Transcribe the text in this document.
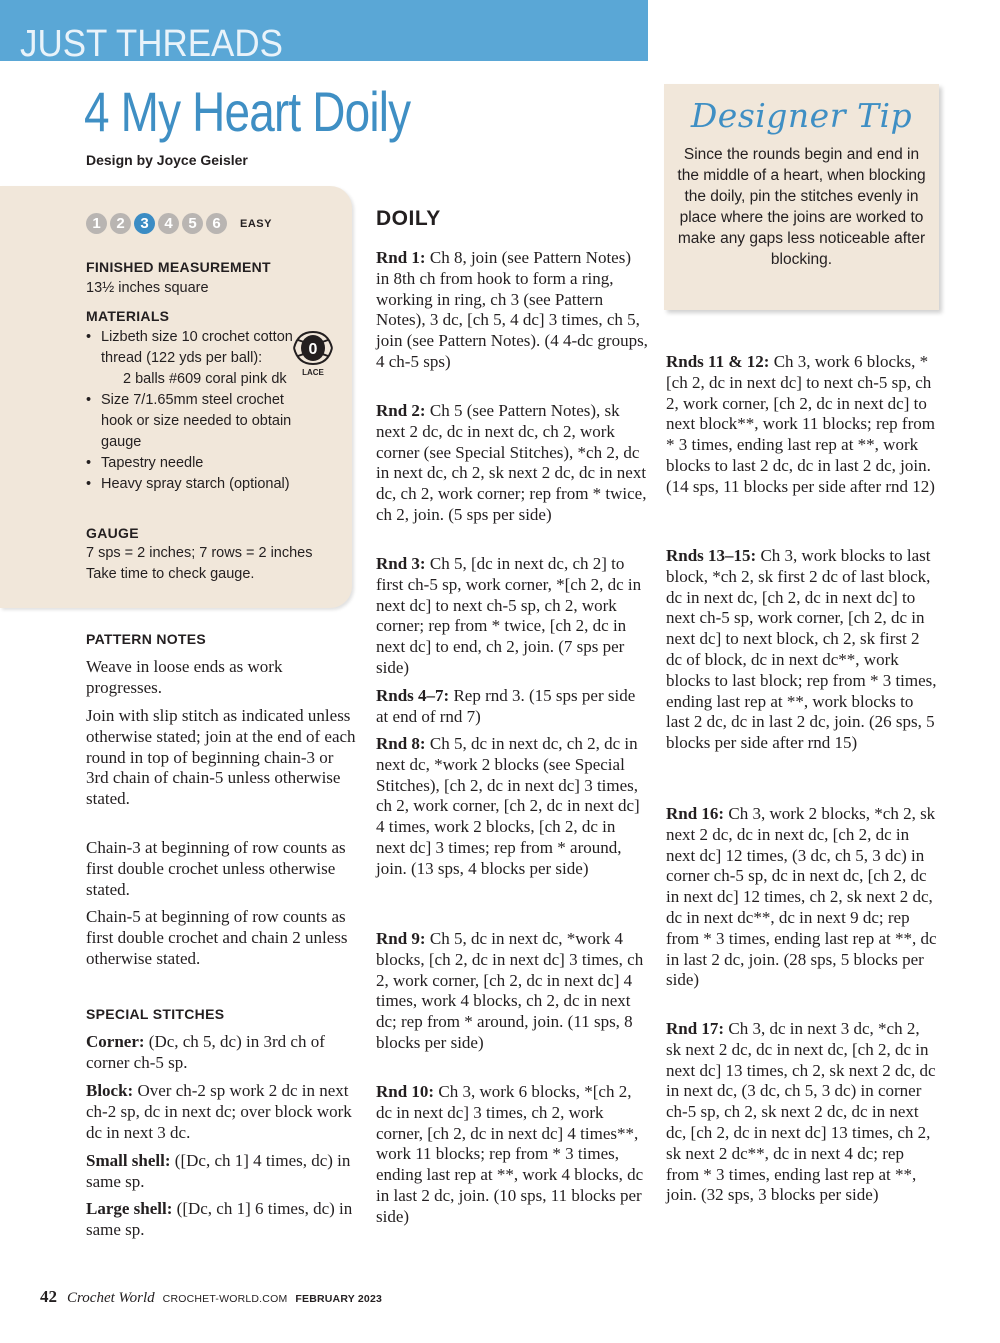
JUST THREADS
4 My Heart Doily
Design by Joyce Geisler
1	2	3	4	5	6	EASY
FINISHED MEASUREMENT
13½ inches square
MATERIALS
• Lizbeth size 10 crochet cotton thread (122 yds per ball):
2 balls #609 coral pink dk
• Size 7/1.65mm steel crochet hook or size needed to obtain gauge
• Tapestry needle
• Heavy spray starch (optional)
0
LACE
GAUGE
7 sps = 2 inches; 7 rows = 2 inches
Take time to check gauge.
Designer Tip
Since the rounds begin and end in the middle of a heart, when blocking the doily, pin the stitches evenly in place where the joins are worked to make any gaps less noticeable after blocking.
PATTERN NOTES
Weave in loose ends as work progresses.
Join with slip stitch as indicated unless otherwise stated; join at the end of each round in top of beginning chain-3 or 3rd chain of chain-5 unless otherwise stated.
Chain-3 at beginning of row counts as first double crochet unless otherwise stated.
Chain-5 at beginning of row counts as first double crochet and chain 2 unless otherwise stated.
SPECIAL STITCHES
Corner: (Dc, ch 5, dc) in 3rd ch of corner ch-5 sp.
Block: Over ch-2 sp work 2 dc in next ch-2 sp, dc in next dc; over block work dc in next 3 dc.
Small shell: ([Dc, ch 1] 4 times, dc) in same sp.
Large shell: ([Dc, ch 1] 6 times, dc) in same sp.
DOILY
Rnd 1: Ch 8, join (see Pattern Notes) in 8th ch from hook to form a ring, working in ring, ch 3 (see Pattern Notes), 3 dc, [ch 5, 4 dc] 3 times, ch 5, join (see Pattern Notes). (4 4-dc groups, 4 ch-5 sps)
Rnd 2: Ch 5 (see Pattern Notes), sk next 2 dc, dc in next dc, ch 2, work corner (see Special Stitches), *ch 2, dc in next dc, ch 2, sk next 2 dc, dc in next dc, ch 2, work corner; rep from * twice, ch 2, join. (5 sps per side)
Rnd 3: Ch 5, [dc in next dc, ch 2] to first ch-5 sp, work corner, *[ch 2, dc in next dc] to next ch-5 sp, ch 2, work corner; rep from * twice, [ch 2, dc in next dc] to end, ch 2, join. (7 sps per side)
Rnds 4–7: Rep rnd 3. (15 sps per side at end of rnd 7)
Rnd 8: Ch 5, dc in next dc, ch 2, dc in next dc, *work 2 blocks (see Special Stitches), [ch 2, dc in next dc] 3 times, ch 2, work corner, [ch 2, dc in next dc] 4 times, work 2 blocks, [ch 2, dc in next dc] 3 times; rep from * around, join. (13 sps, 4 blocks per side)
Rnd 9: Ch 5, dc in next dc, *work 4 blocks, [ch 2, dc in next dc] 3 times, ch 2, work corner, [ch 2, dc in next dc] 4 times, work 4 blocks, ch 2, dc in next dc; rep from * around, join. (11 sps, 8 blocks per side)
Rnd 10: Ch 3, work 6 blocks, *[ch 2, dc in next dc] 3 times, ch 2, work corner, [ch 2, dc in next dc] 4 times**, work 11 blocks; rep from * 3 times, ending last rep at **, work 4 blocks, dc in last 2 dc, join. (10 sps, 11 blocks per side)
Rnds 11 & 12: Ch 3, work 6 blocks, *[ch 2, dc in next dc] to next ch-5 sp, ch 2, work corner, [ch 2, dc in next dc] to next block**, work 11 blocks; rep from * 3 times, ending last rep at **, work blocks to last 2 dc, dc in last 2 dc, join. (14 sps, 11 blocks per side after rnd 12)
Rnds 13–15: Ch 3, work blocks to last block, *ch 2, sk first 2 dc of last block, dc in next dc, [ch 2, dc in next dc] to next ch-5 sp, work corner, [ch 2, dc in next dc] to next block, ch 2, sk first 2 dc of block, dc in next dc**, work blocks to last block; rep from * 3 times, ending last rep at **, work blocks to last 2 dc, dc in last 2 dc, join. (26 sps, 5 blocks per side after rnd 15)
Rnd 16: Ch 3, work 2 blocks, *ch 2, sk next 2 dc, dc in next dc, [ch 2, dc in next dc] 12 times, (3 dc, ch 5, 3 dc) in corner ch-5 sp, dc in next dc, [ch 2, dc in next dc] 12 times, ch 2, sk next 2 dc, dc in next dc**, dc in next 9 dc; rep from * 3 times, ending last rep at **, dc in last 2 dc, join. (28 sps, 5 blocks per side)
Rnd 17: Ch 3, dc in next 3 dc, *ch 2, sk next 2 dc, dc in next dc, [ch 2, dc in next dc] 13 times, ch 2, sk next 2 dc, dc in next dc, (3 dc, ch 5, 3 dc) in corner ch-5 sp, ch 2, sk next 2 dc, dc in next dc, [ch 2, dc in next dc] 13 times, ch 2, sk next 2 dc**, dc in next 4 dc; rep from * 3 times, ending last rep at **, join. (32 sps, 3 blocks per side)
42 Crochet World CROCHET-WORLD.COM FEBRUARY 2023
